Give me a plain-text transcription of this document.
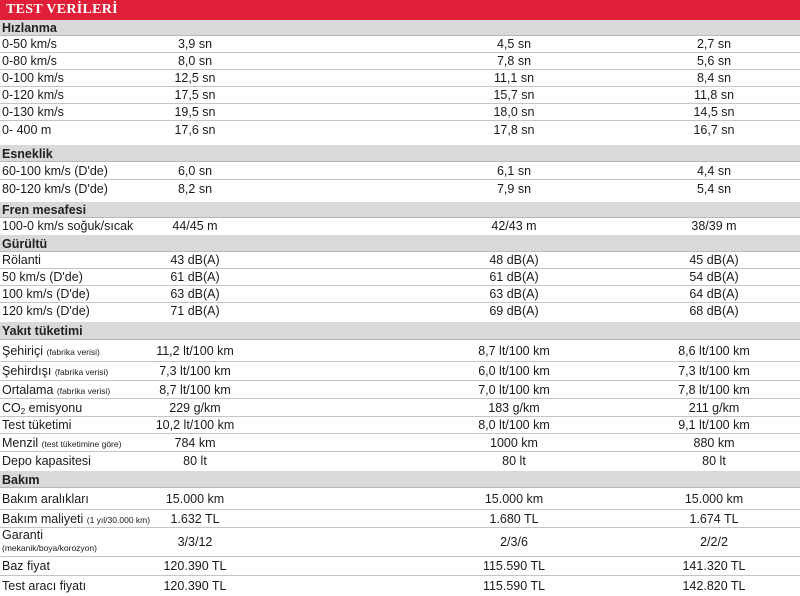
TEST VERİLERİ
Hızlanma
0-50 km/s	3,9 sn	4,5 sn	2,7 sn
0-80 km/s	8,0 sn	7,8 sn	5,6 sn
0-100 km/s	12,5 sn	11,1 sn	8,4 sn
0-120 km/s	17,5 sn	15,7 sn	11,8 sn
0-130 km/s	19,5 sn	18,0 sn	14,5 sn
0- 400 m	17,6 sn	17,8 sn	16,7 sn
Esneklik
60-100 km/s (D'de)	6,0 sn	6,1 sn	4,4 sn
80-120 km/s (D'de)	8,2 sn	7,9 sn	5,4 sn
Fren mesafesi
100-0 km/s soğuk/sıcak	44/45 m	42/43 m	38/39 m
Gürültü
Rölanti	43 dB(A)	48 dB(A)	45 dB(A)
50 km/s (D'de)	61 dB(A)	61 dB(A)	54 dB(A)
100 km/s (D'de)	63 dB(A)	63 dB(A)	64 dB(A)
120 km/s (D'de)	71 dB(A)	69 dB(A)	68 dB(A)
Yakıt tüketimi
Şehiriçi (fabrika verisi)	11,2 lt/100 km	8,7 lt/100 km	8,6 lt/100 km
Şehirdışı (fabrika verisi)	7,3 lt/100 km	6,0 lt/100 km	7,3 lt/100 km
Ortalama (fabrika verisi)	8,7 lt/100 km	7,0 lt/100 km	7,8 lt/100 km
$CO_2$ emisyonu	229 g/km	183 g/km	211 g/km
Test tüketimi	10,2 lt/100 km	8,0 lt/100 km	9,1 lt/100 km
Menzil (test tüketimine göre)	784 km	1000 km	880 km
Depo kapasitesi	80 lt	80 lt	80 lt
Bakım
Bakım aralıkları	15.000 km	15.000 km	15.000 km
Bakım maliyeti (1 yıl/30.000 km)	1.632 TL	1.680 TL	1.674 TL
Garanti
(mekanik/boya/korozyon)	3/3/12	2/3/6	2/2/2
Baz fiyat	120.390 TL	115.590 TL	141.320 TL
Test aracı fiyatı	120.390 TL	115.590 TL	142.820 TL
